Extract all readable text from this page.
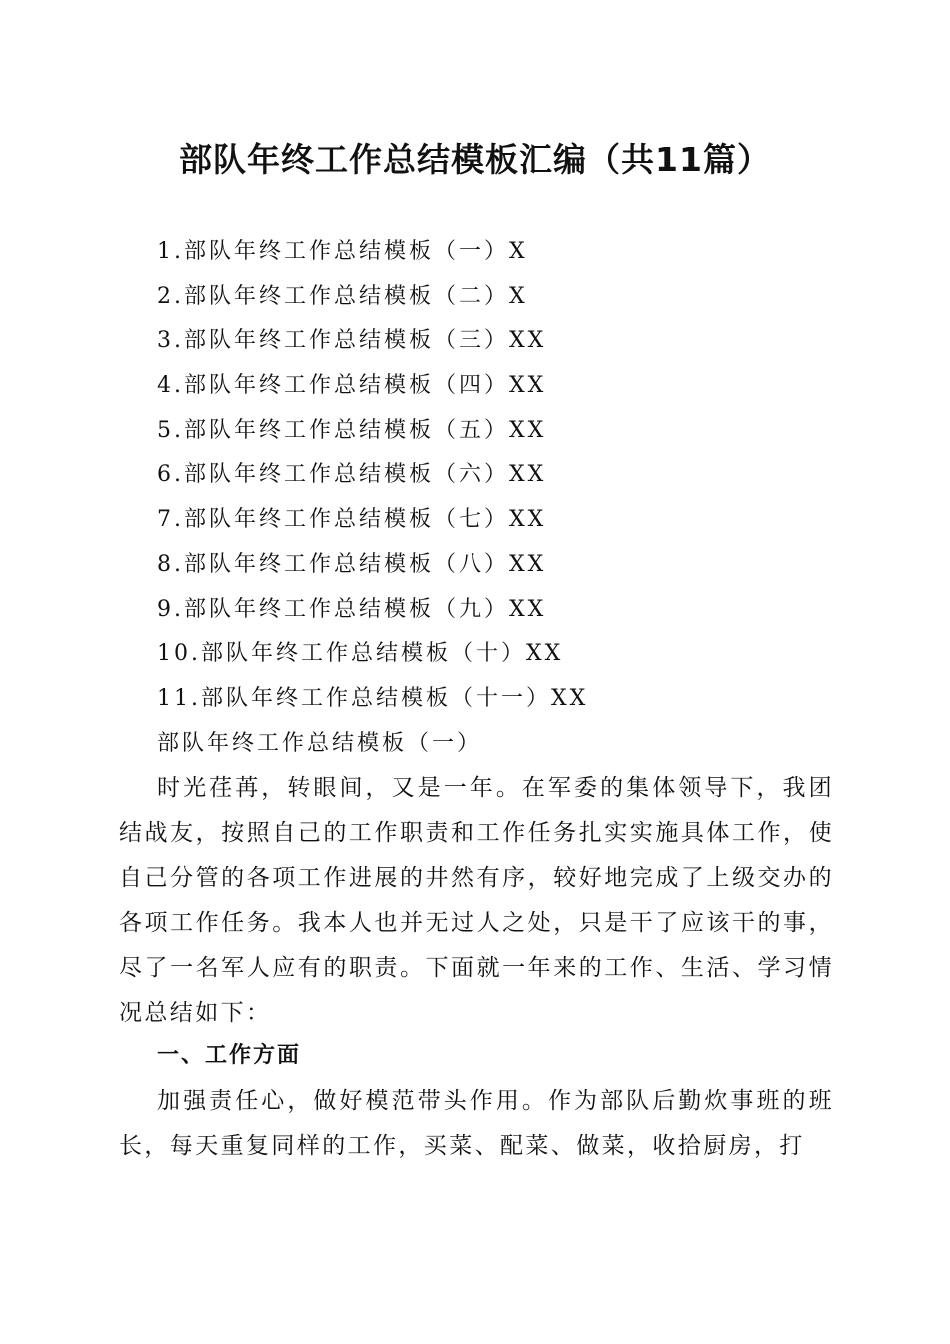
部队年终工作总结模板汇编（共11篇）
1.部队年终工作总结模板（一）X
2.部队年终工作总结模板（二）X
3.部队年终工作总结模板（三）XX
4.部队年终工作总结模板（四）XX
5.部队年终工作总结模板（五）XX
6.部队年终工作总结模板（六）XX
7.部队年终工作总结模板（七）XX
8.部队年终工作总结模板（八）XX
9.部队年终工作总结模板（九）XX
10.部队年终工作总结模板（十）XX
11.部队年终工作总结模板（十一）XX
部队年终工作总结模板（一）

时光荏苒，转眼间，又是一年。在军委的集体领导下，我团结战友，按照自己的工作职责和工作任务扎实实施具体工作，使自己分管的各项工作进展的井然有序，较好地完成了上级交办的各项工作任务。我本人也并无过人之处，只是干了应该干的事，尽了一名军人应有的职责。下面就一年来的工作、生活、学习情况总结如下：

一、工作方面

加强责任心，做好模范带头作用。作为部队后勤炊事班的班长，每天重复同样的工作，买菜、配菜、做菜，收拾厨房，打
